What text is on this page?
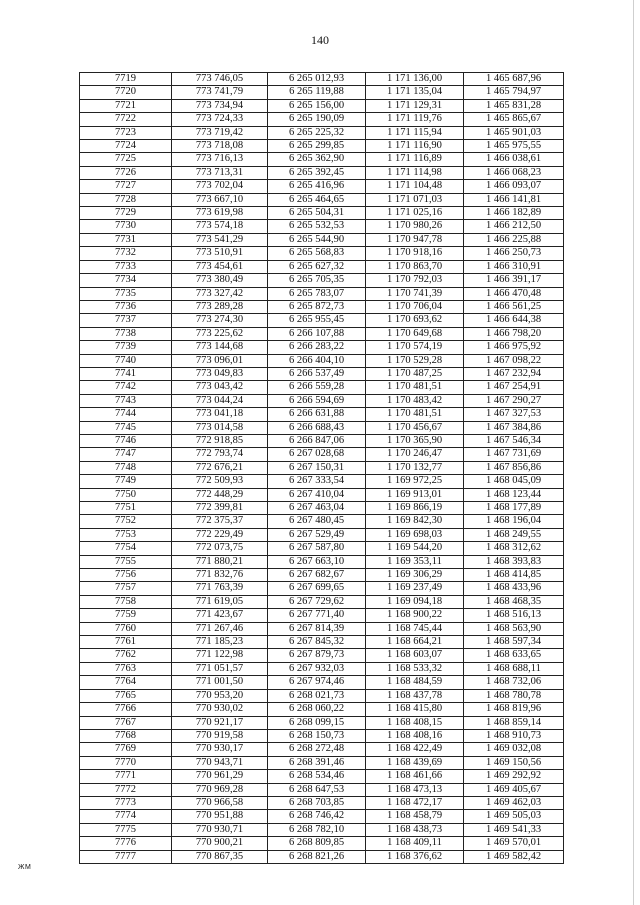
140
7719	773 746,05	6 265 012,93	1 171 136,00	1 465 687,96
7720	773 741,79	6 265 119,88	1 171 135,04	1 465 794,97
7721	773 734,94	6 265 156,00	1 171 129,31	1 465 831,28
7722	773 724,33	6 265 190,09	1 171 119,76	1 465 865,67
7723	773 719,42	6 265 225,32	1 171 115,94	1 465 901,03
7724	773 718,08	6 265 299,85	1 171 116,90	1 465 975,55
7725	773 716,13	6 265 362,90	1 171 116,89	1 466 038,61
7726	773 713,31	6 265 392,45	1 171 114,98	1 466 068,23
7727	773 702,04	6 265 416,96	1 171 104,48	1 466 093,07
7728	773 667,10	6 265 464,65	1 171 071,03	1 466 141,81
7729	773 619,98	6 265 504,31	1 171 025,16	1 466 182,89
7730	773 574,18	6 265 532,53	1 170 980,26	1 466 212,50
7731	773 541,29	6 265 544,90	1 170 947,78	1 466 225,88
7732	773 510,91	6 265 568,83	1 170 918,16	1 466 250,73
7733	773 454,61	6 265 627,32	1 170 863,70	1 466 310,91
7734	773 380,49	6 265 705,35	1 170 792,03	1 466 391,17
7735	773 327,42	6 265 783,07	1 170 741,39	1 466 470,48
7736	773 289,28	6 265 872,73	1 170 706,04	1 466 561,25
7737	773 274,30	6 265 955,45	1 170 693,62	1 466 644,38
7738	773 225,62	6 266 107,88	1 170 649,68	1 466 798,20
7739	773 144,68	6 266 283,22	1 170 574,19	1 466 975,92
7740	773 096,01	6 266 404,10	1 170 529,28	1 467 098,22
7741	773 049,83	6 266 537,49	1 170 487,25	1 467 232,94
7742	773 043,42	6 266 559,28	1 170 481,51	1 467 254,91
7743	773 044,24	6 266 594,69	1 170 483,42	1 467 290,27
7744	773 041,18	6 266 631,88	1 170 481,51	1 467 327,53
7745	773 014,58	6 266 688,43	1 170 456,67	1 467 384,86
7746	772 918,85	6 266 847,06	1 170 365,90	1 467 546,34
7747	772 793,74	6 267 028,68	1 170 246,47	1 467 731,69
7748	772 676,21	6 267 150,31	1 170 132,77	1 467 856,86
7749	772 509,93	6 267 333,54	1 169 972,25	1 468 045,09
7750	772 448,29	6 267 410,04	1 169 913,01	1 468 123,44
7751	772 399,81	6 267 463,04	1 169 866,19	1 468 177,89
7752	772 375,37	6 267 480,45	1 169 842,30	1 468 196,04
7753	772 229,49	6 267 529,49	1 169 698,03	1 468 249,55
7754	772 073,75	6 267 587,80	1 169 544,20	1 468 312,62
7755	771 880,21	6 267 663,10	1 169 353,11	1 468 393,83
7756	771 832,76	6 267 682,67	1 169 306,29	1 468 414,85
7757	771 763,39	6 267 699,65	1 169 237,49	1 468 433,96
7758	771 619,05	6 267 729,62	1 169 094,18	1 468 468,35
7759	771 423,67	6 267 771,40	1 168 900,22	1 468 516,13
7760	771 267,46	6 267 814,39	1 168 745,44	1 468 563,90
7761	771 185,23	6 267 845,32	1 168 664,21	1 468 597,34
7762	771 122,98	6 267 879,73	1 168 603,07	1 468 633,65
7763	771 051,57	6 267 932,03	1 168 533,32	1 468 688,11
7764	771 001,50	6 267 974,46	1 168 484,59	1 468 732,06
7765	770 953,20	6 268 021,73	1 168 437,78	1 468 780,78
7766	770 930,02	6 268 060,22	1 168 415,80	1 468 819,96
7767	770 921,17	6 268 099,15	1 168 408,15	1 468 859,14
7768	770 919,58	6 268 150,73	1 168 408,16	1 468 910,73
7769	770 930,17	6 268 272,48	1 168 422,49	1 469 032,08
7770	770 943,71	6 268 391,46	1 168 439,69	1 469 150,56
7771	770 961,29	6 268 534,46	1 168 461,66	1 469 292,92
7772	770 969,28	6 268 647,53	1 168 473,13	1 469 405,67
7773	770 966,58	6 268 703,85	1 168 472,17	1 469 462,03
7774	770 951,88	6 268 746,42	1 168 458,79	1 469 505,03
7775	770 930,71	6 268 782,10	1 168 438,73	1 469 541,33
7776	770 900,21	6 268 809,85	1 168 409,11	1 469 570,01
7777	770 867,35	6 268 821,26	1 168 376,62	1 469 582,42
ЖМ
